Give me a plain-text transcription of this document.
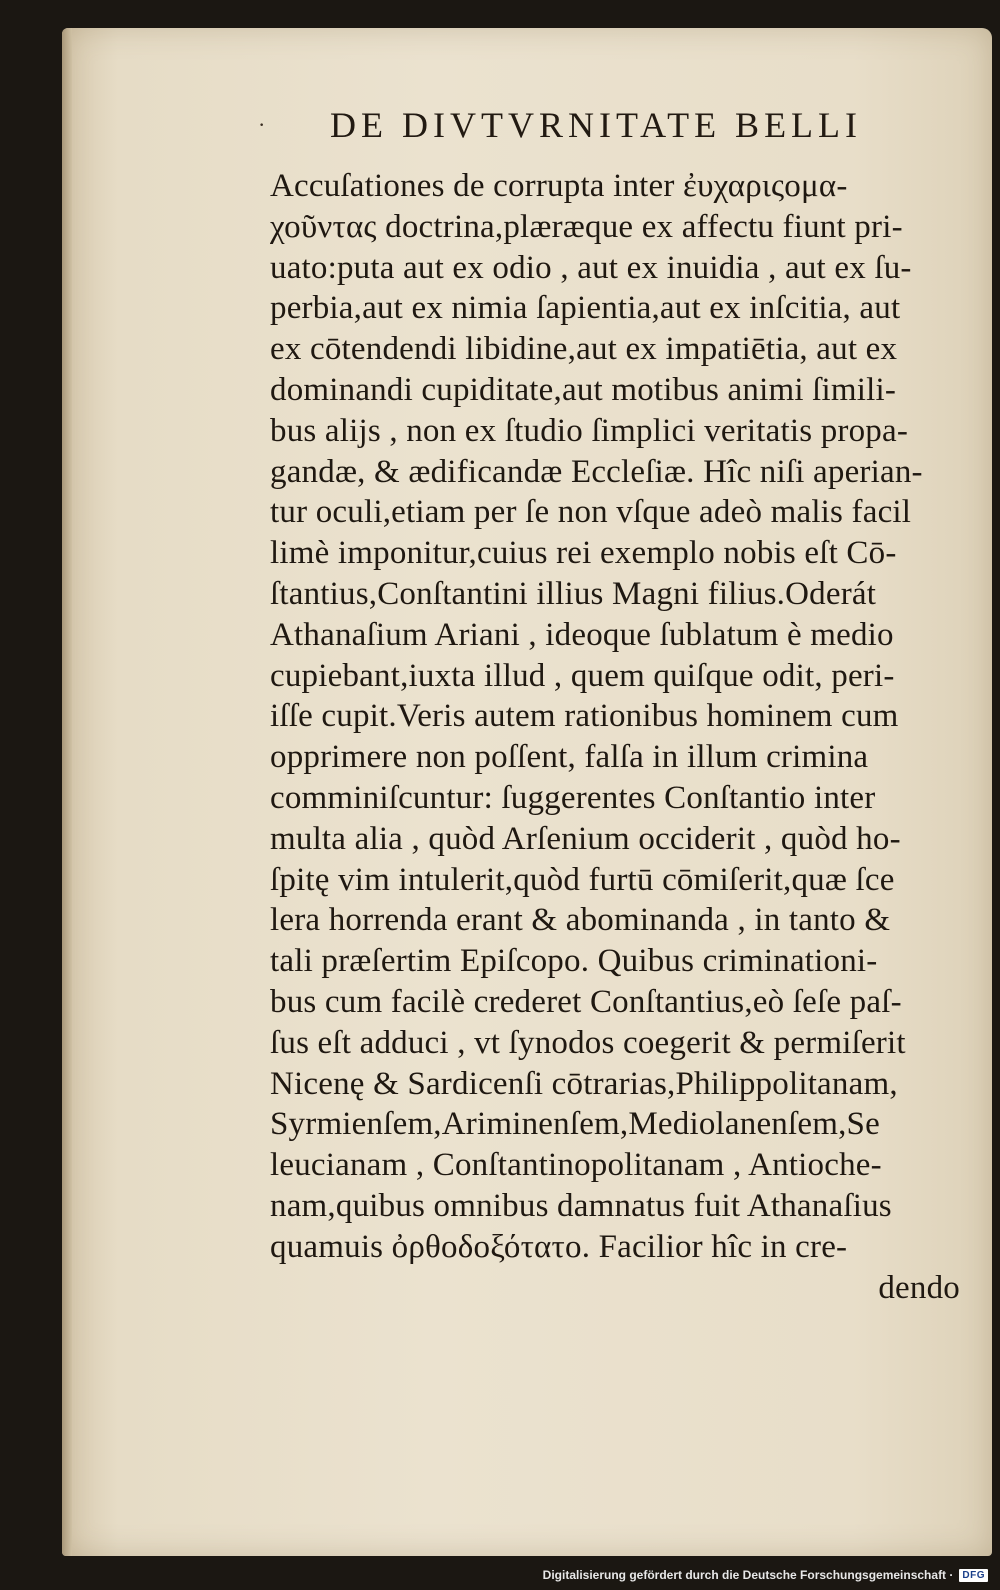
· DE DIVTVRNITATE BELLI
Accuſationes de corrupta inter ἐυχαριςομα-
χοῦντας doctrina,plæræque ex affectu fiunt pri-
uato:puta aut ex odio , aut ex inuidia , aut ex ſu-
perbia,aut ex nimia ſapientia,aut ex inſcitia, aut
ex cōtendendi libidine,aut ex impatiētia, aut ex
dominandi cupiditate,aut motibus animi ſimili-
bus alijs , non ex ſtudio ſimplici veritatis propa-
gandæ, & ædificandæ Eccleſiæ. Hîc niſi aperian-
tur oculi,etiam per ſe non vſque adeò malis facil
limè imponitur,cuius rei exemplo nobis eſt Cō-
ſtantius,Conſtantini illius Magni filius.Oderát
Athanaſium Ariani , ideoque ſublatum è medio
cupiebant,iuxta illud , quem quiſque odit, peri-
iſſe cupit.Veris autem rationibus hominem cum
opprimere non poſſent, falſa in illum crimina
comminiſcuntur: ſuggerentes Conſtantio inter
multa alia , quòd Arſenium occiderit , quòd ho-
ſpitę vim intulerit,quòd furtū cōmiſerit,quæ ſce
lera horrenda erant & abominanda , in tanto &
tali præſertim Epiſcopo. Quibus criminationi-
bus cum facilè crederet Conſtantius,eò ſeſe paſ-
ſus eſt adduci , vt ſynodos coegerit & permiſerit
Nicenę & Sardicenſi cōtrarias,Philippolitanam,
Syrmienſem,Ariminenſem,Mediolanenſem,Se
leucianam , Conſtantinopolitanam , Antioche-
nam,quibus omnibus damnatus fuit Athanaſius
quamuis ὀρθοδοξότατο. Facilior hîc in cre-
dendo
Digitalisierung gefördert durch die Deutsche Forschungsgemeinschaft · DFG
